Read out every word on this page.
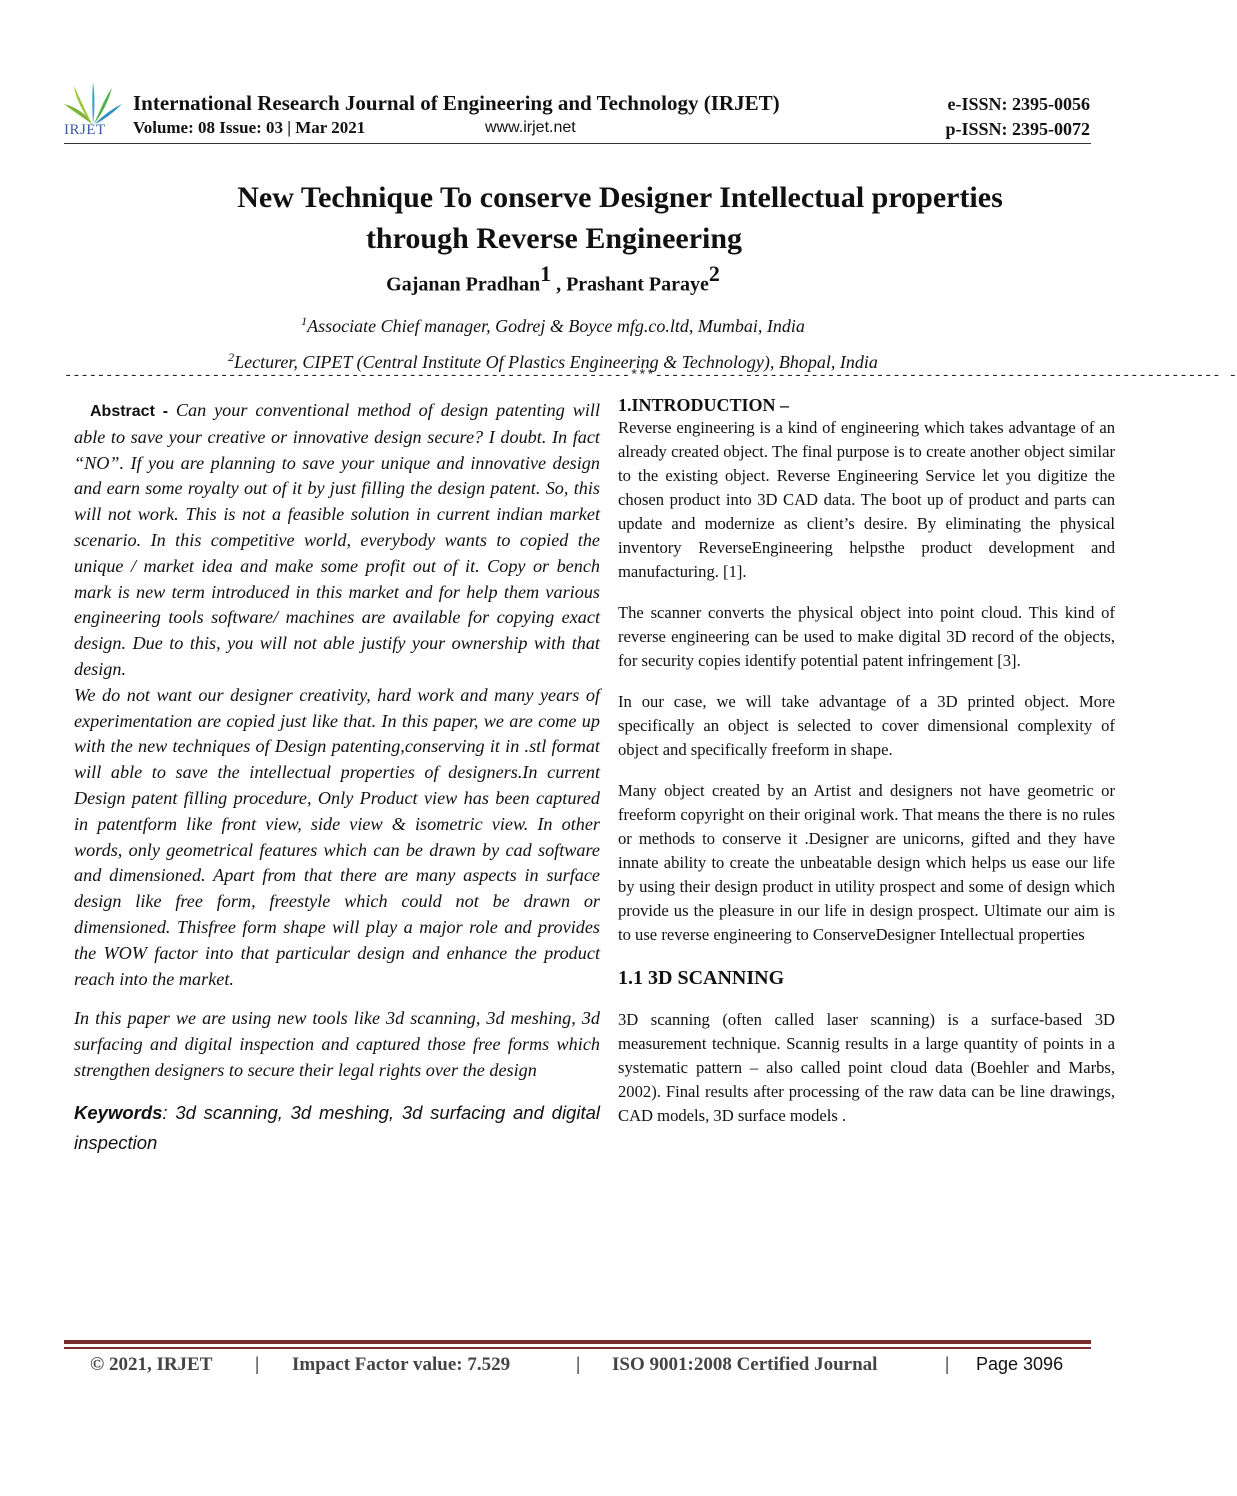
IRJET
International Research Journal of Engineering and Technology (IRJET)
Volume: 08 Issue: 03 | Mar 2021	www.irjet.net
e-ISSN: 2395-0056
p-ISSN: 2395-0072
New Technique To conserve Designer Intellectual properties
through Reverse Engineering
Gajanan Pradhan$^1$ , Prashant Paraye$^2$
$^1$Associate Chief manager, Godrej & Boyce mfg.co.ltd, Mumbai, India
$^2$Lecturer, CIPET (Central Institute Of Plastics Engineering & Technology), Bhopal, India
---------------------------------------------------------------------***--------------------------------------------------------------------- -

Abstract - Can your conventional method of design patenting will able to save your creative or innovative design secure? I doubt. In fact “NO”. If you are planning to save your unique and innovative design and earn some royalty out of it by just filling the design patent. So, this will not work. This is not a feasible solution in current indian market scenario. In this competitive world, everybody wants to copied the unique / market idea and make some profit out of it. Copy or bench mark is new term introduced in this market and for help them various engineering tools software/ machines are available for copying exact design. Due to this, you will not able justify your ownership with that design.

We do not want our designer creativity, hard work and many years of experimentation are copied just like that. In this paper, we are come up with the new techniques of Design patenting,conserving it in .stl format will able to save the intellectual properties of designers.In current Design patent filling procedure, Only Product view has been captured in patentform like front view, side view & isometric view. In other words, only geometrical features which can be drawn by cad software and dimensioned. Apart from that there are many aspects in surface design like free form, freestyle which could not be drawn or dimensioned. Thisfree form shape will play a major role and provides the WOW factor into that particular design and enhance the product reach into the market.

In this paper we are using new tools like 3d scanning, 3d meshing, 3d surfacing and digital inspection and captured those free forms which strengthen designers to secure their legal rights over the design

Keywords: 3d scanning, 3d meshing, 3d surfacing and digital inspection
1.INTRODUCTION –

Reverse engineering is a kind of engineering which takes advantage of an already created object. The final purpose is to create another object similar to the existing object. Reverse Engineering Service let you digitize the chosen product into 3D CAD data. The boot up of product and parts can update and modernize as client’s desire. By eliminating the physical inventory ReverseEngineering helpsthe product development and manufacturing. [1].

The scanner converts the physical object into point cloud. This kind of reverse engineering can be used to make digital 3D record of the objects, for security copies identify potential patent infringement [3].

In our case, we will take advantage of a 3D printed object. More specifically an object is selected to cover dimensional complexity of object and specifically freeform in shape.

Many object created by an Artist and designers not have geometric or freeform copyright on their original work. That means the there is no rules or methods to conserve it .Designer are unicorns, gifted and they have innate ability to create the unbeatable design which helps us ease our life by using their design product in utility prospect and some of design which provide us the pleasure in our life in design prospect. Ultimate our aim is to use reverse engineering to ConserveDesigner Intellectual properties

1.1 3D SCANNING

3D scanning (often called laser scanning) is a surface-based 3D measurement technique. Scannig results in a large quantity of points in a systematic pattern – also called point cloud data (Boehler and Marbs, 2002). Final results after processing of the raw data can be line drawings, CAD models, 3D surface models .

© 2021, IRJET | Impact Factor value: 7.529	| ISO 9001:2008 Certified Journal	| Page 3096
